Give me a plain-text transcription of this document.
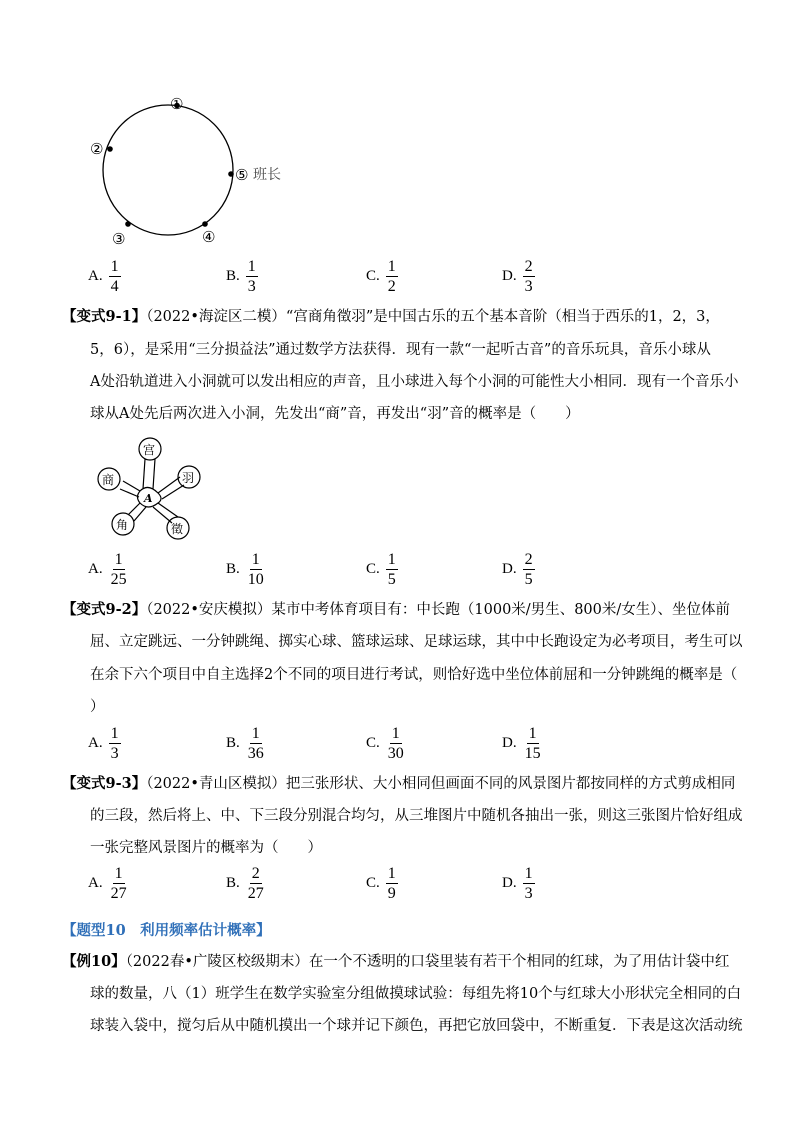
①
②
③	④
⑤ 班长
A. $\frac{1}{4}$	B. $\frac{1}{3}$	C. $\frac{1}{2}$	D. $\frac{2}{3}$
【变式9-1】（2022•海淀区二模）“宫商角徵羽”是中国古乐的五个基本音阶（相当于西乐的1，2，3，
5，6），是采用“三分损益法”通过数学方法获得．现有一款“一起听古音”的音乐玩具，音乐小球从
A处沿轨道进入小洞就可以发出相应的声音，且小球进入每个小洞的可能性大小相同．现有一个音乐小
球从A处先后两次进入小洞，先发出“商”音，再发出“羽”音的概率是（　　）
A
宫
羽
徵
角
商
A. $\frac{1}{25}$	B. $\frac{1}{10}$	C. $\frac{1}{5}$	D. $\frac{2}{5}$
【变式9-2】（2022•安庆模拟）某市中考体育项目有：中长跑（1000米/男生、800米/女生）、坐位体前
屈、立定跳远、一分钟跳绳、掷实心球、篮球运球、足球运球，其中中长跑设定为必考项目，考生可以
在余下六个项目中自主选择2个不同的项目进行考试，则恰好选中坐位体前屈和一分钟跳绳的概率是（
）
A. $\frac{1}{3}$	B. $\frac{1}{36}$	C. $\frac{1}{30}$	D. $\frac{1}{15}$
【变式9-3】（2022•青山区模拟）把三张形状、大小相同但画面不同的风景图片都按同样的方式剪成相同
的三段，然后将上、中、下三段分别混合均匀，从三堆图片中随机各抽出一张，则这三张图片恰好组成
一张完整风景图片的概率为（　　）
A. $\frac{1}{27}$	B. $\frac{2}{27}$	C. $\frac{1}{9}$	D. $\frac{1}{3}$
【题型10　利用频率估计概率】
【例10】（2022春•广陵区校级期末）在一个不透明的口袋里装有若干个相同的红球，为了用估计袋中红
球的数量，八（1）班学生在数学实验室分组做摸球试验：每组先将10个与红球大小形状完全相同的白
球装入袋中，搅匀后从中随机摸出一个球并记下颜色，再把它放回袋中，不断重复．下表是这次活动统
